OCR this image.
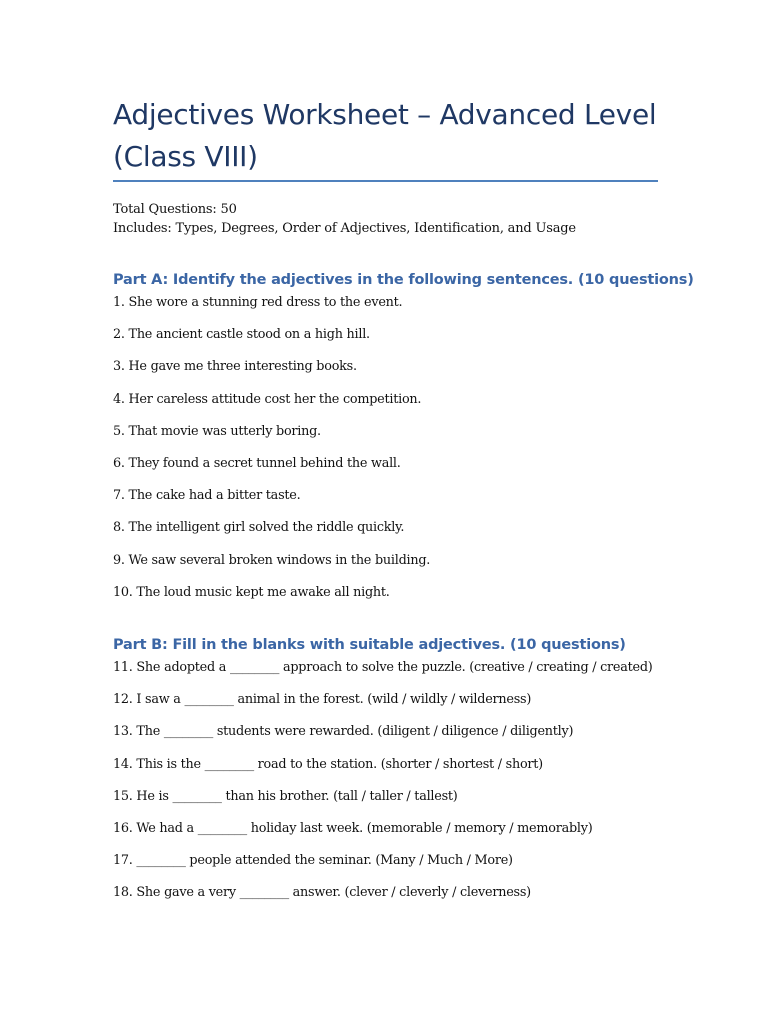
Adjectives Worksheet – Advanced Level (Class VIII)
Total Questions: 50
Includes: Types, Degrees, Order of Adjectives, Identification, and Usage
Part A: Identify the adjectives in the following sentences. (10 questions)
1. She wore a stunning red dress to the event.
2. The ancient castle stood on a high hill.
3. He gave me three interesting books.
4. Her careless attitude cost her the competition.
5. That movie was utterly boring.
6. They found a secret tunnel behind the wall.
7. The cake had a bitter taste.
8. The intelligent girl solved the riddle quickly.
9. We saw several broken windows in the building.
10. The loud music kept me awake all night.
Part B: Fill in the blanks with suitable adjectives. (10 questions)
11. She adopted a ________ approach to solve the puzzle. (creative / creating / created)
12. I saw a ________ animal in the forest. (wild / wildly / wilderness)
13. The ________ students were rewarded. (diligent / diligence / diligently)
14. This is the ________ road to the station. (shorter / shortest / short)
15. He is ________ than his brother. (tall / taller / tallest)
16. We had a ________ holiday last week. (memorable / memory / memorably)
17. ________ people attended the seminar. (Many / Much / More)
18. She gave a very ________ answer. (clever / cleverly / cleverness)
